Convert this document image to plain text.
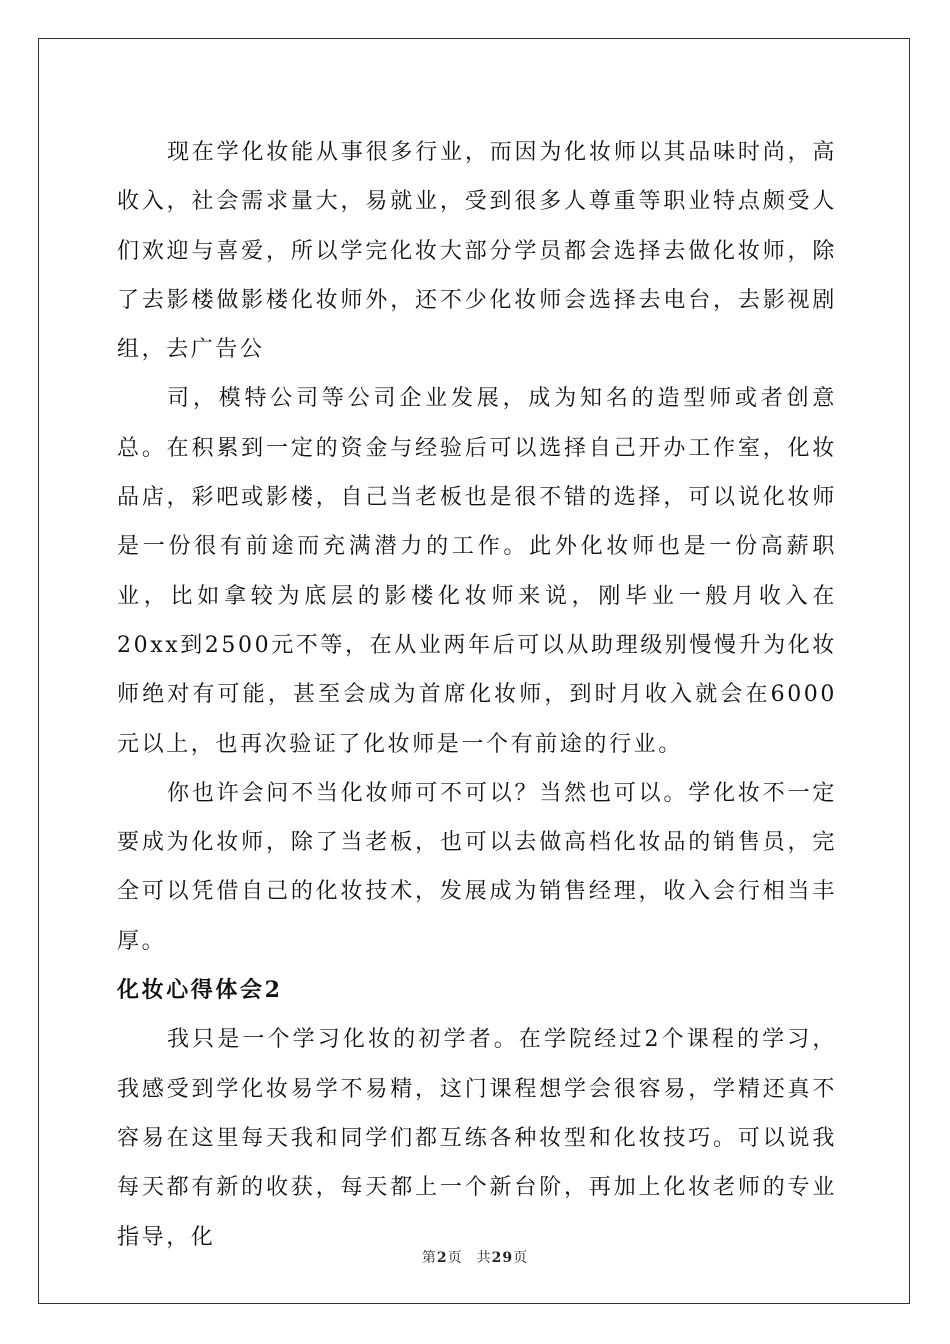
现在学化妆能从事很多行业，而因为化妆师以其品味时尚，高收入，社会需求量大，易就业，受到很多人尊重等职业特点颇受人们欢迎与喜爱，所以学完化妆大部分学员都会选择去做化妆师，除了去影楼做影楼化妆师外，还不少化妆师会选择去电台，去影视剧组，去广告公

司，模特公司等公司企业发展，成为知名的造型师或者创意总。在积累到一定的资金与经验后可以选择自己开办工作室，化妆品店，彩吧或影楼，自己当老板也是很不错的选择，可以说化妆师是一份很有前途而充满潜力的工作。此外化妆师也是一份高薪职业，比如拿较为底层的影楼化妆师来说，刚毕业一般月收入在20xx到2500元不等，在从业两年后可以从助理级别慢慢升为化妆师绝对有可能，甚至会成为首席化妆师，到时月收入就会在6000元以上，也再次验证了化妆师是一个有前途的行业。

你也许会问不当化妆师可不可以？当然也可以。学化妆不一定要成为化妆师，除了当老板，也可以去做高档化妆品的销售员，完全可以凭借自己的化妆技术，发展成为销售经理，收入会行相当丰厚。

化妆心得体会2

我只是一个学习化妆的初学者。在学院经过2个课程的学习，我感受到学化妆易学不易精，这门课程想学会很容易，学精还真不容易在这里每天我和同学们都互练各种妆型和化妆技巧。可以说我每天都有新的收获，每天都上一个新台阶，再加上化妆老师的专业指导，化

第2页 共29页
